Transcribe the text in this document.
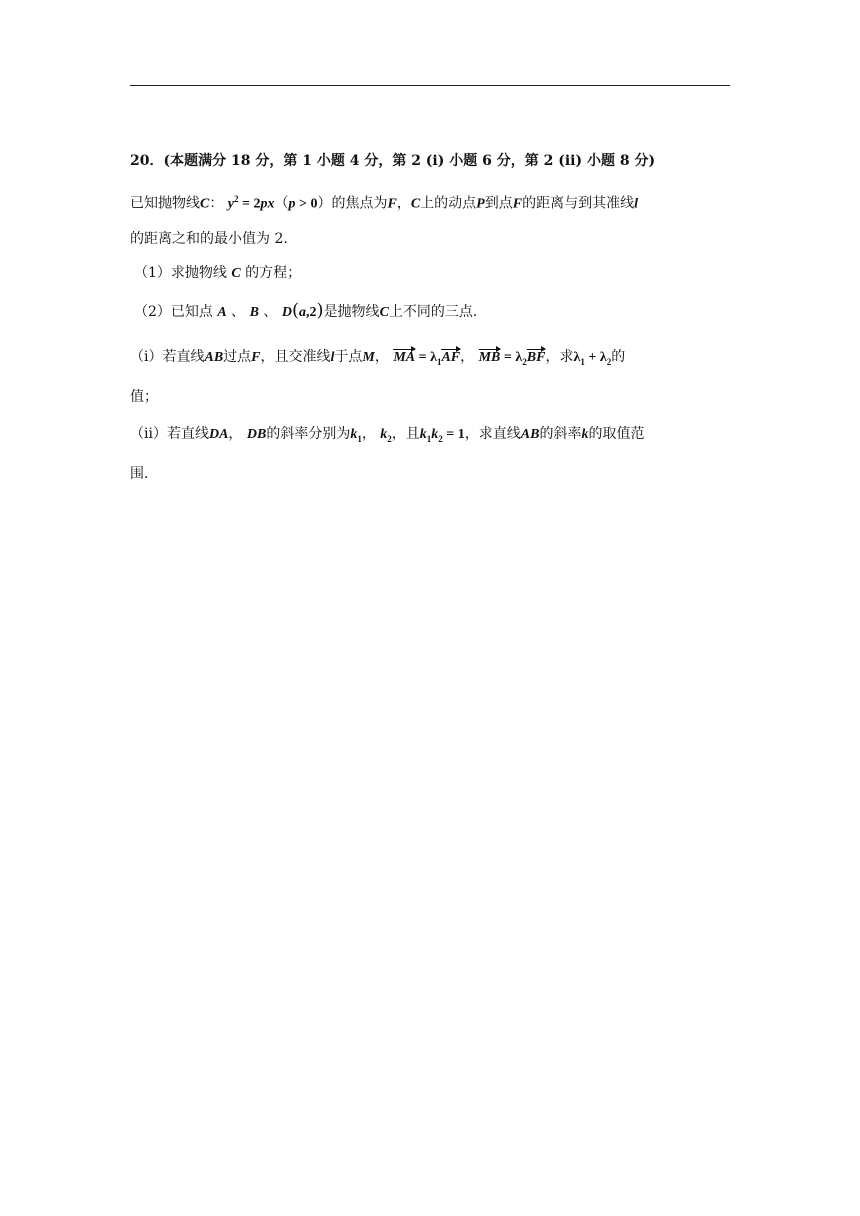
20．(本题满分 18 分，第 1 小题 4 分，第 2 (i) 小题 6 分，第 2 (ii) 小题 8 分)
已知抛物线C： $y^2 = 2px(p > 0)$的焦点为F，C上的动点P到点F的距离与到其准线l
的距离之和的最小值为 2．
（1）求抛物线 C 的方程；
（2）已知点 A 、 B 、 D(a,2)是抛物线C上不同的三点．
（ⅰ）若直线AB过点F，且交准线l于点M， MA = $\lambda_1AF$， MB = $\lambda_2BF$，求$\lambda_1 + \lambda_2$的
值；
（ⅱ）若直线DA， DB的斜率分别为$k_1$， $k_2$，且$k_1k_2 = 1$，求直线AB的斜率k的取值范
围．
